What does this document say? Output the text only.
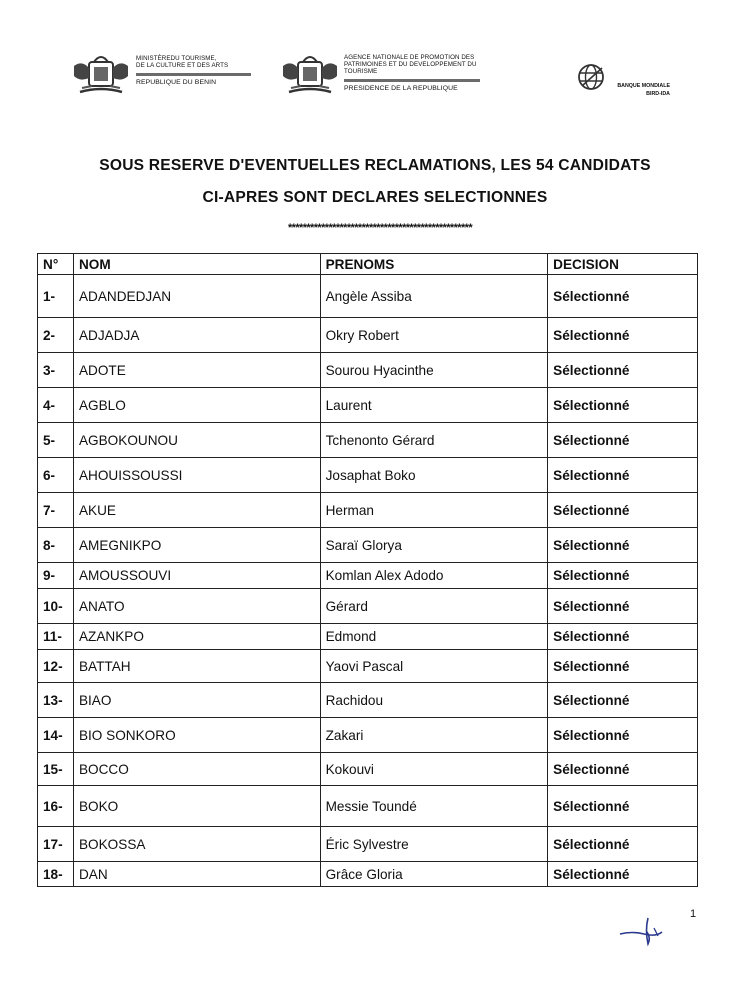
MINISTÈREDU TOURISME,
DE LA CULTURE ET DES ARTS
REPUBLIQUE DU BENIN
AGENCE NATIONALE DE PROMOTION DES
PATRIMOINES ET DU DEVELOPPEMENT DU
TOURISME
PRESIDENCE DE LA REPUBLIQUE	BANQUE MONDIALE
BIRD-IDA
SOUS RESERVE D'EVENTUELLES RECLAMATIONS, LES 54 CANDIDATS
CI-APRES SONT DECLARES SELECTIONNES
**************************************************
N°	NOM	PRENOMS	DECISION
1-	ADANDEDJAN	Angèle Assiba	Sélectionné
2-	ADJADJA	Okry Robert	Sélectionné
3-	ADOTE	Sourou Hyacinthe	Sélectionné
4-	AGBLO	Laurent	Sélectionné
5-	AGBOKOUNOU	Tchenonto Gérard	Sélectionné
6-	AHOUISSOUSSI	Josaphat Boko	Sélectionné
7-	AKUE	Herman	Sélectionné
8-	AMEGNIKPO	Saraï Glorya	Sélectionné
9-	AMOUSSOUVI	Komlan Alex Adodo	Sélectionné
10-	ANATO	Gérard	Sélectionné
11-	AZANKPO	Edmond	Sélectionné
12-	BATTAH	Yaovi Pascal	Sélectionné
13-	BIAO	Rachidou	Sélectionné
14-	BIO SONKORO	Zakari	Sélectionné
15-	BOCCO	Kokouvi	Sélectionné
16-	BOKO	Messie Toundé	Sélectionné
17-	BOKOSSA	Éric Sylvestre	Sélectionné
18-	DAN	Grâce Gloria	Sélectionné
1
